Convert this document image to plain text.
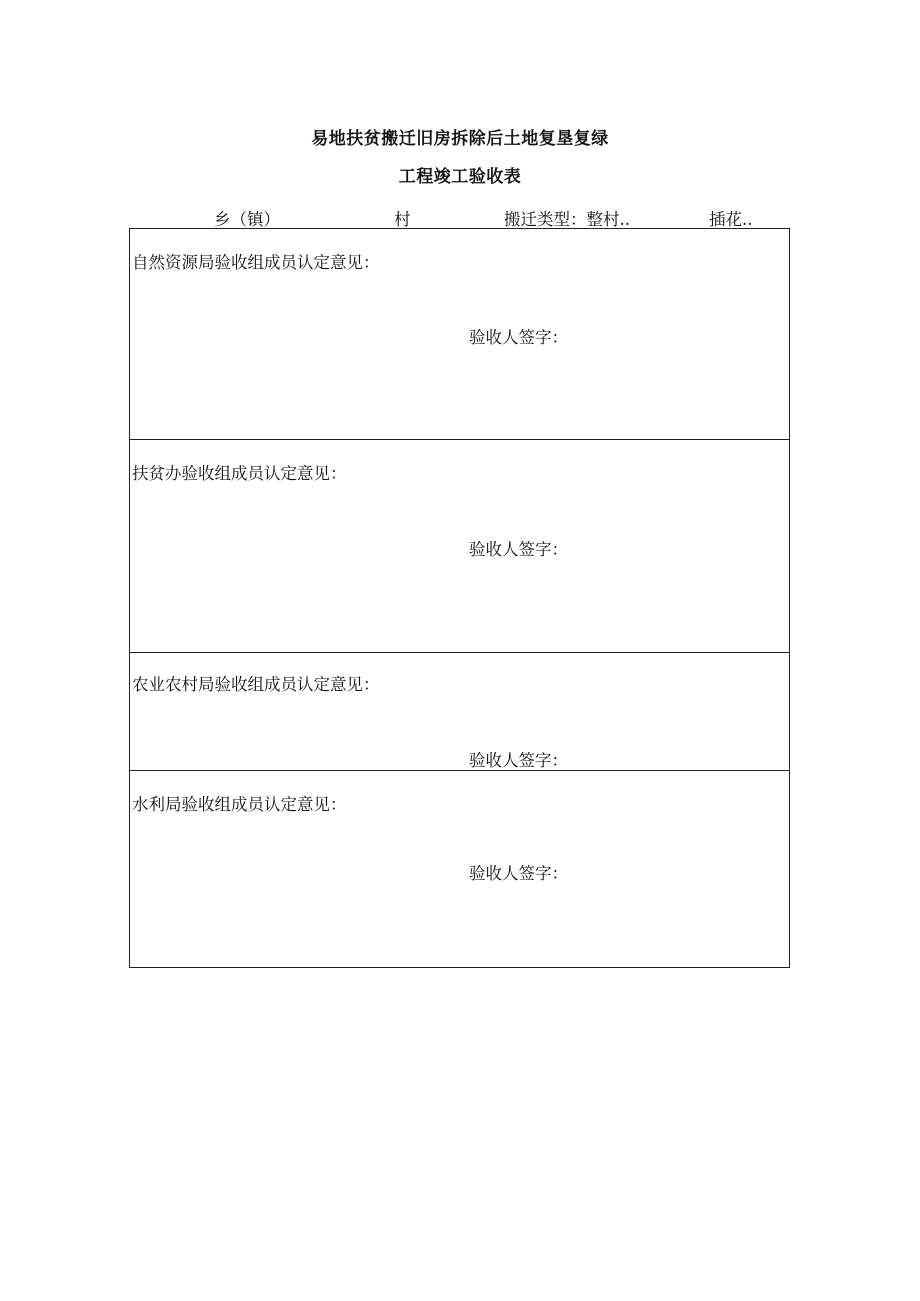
易地扶贫搬迁旧房拆除后土地复垦复绿
工程竣工验收表
乡（镇）	村	搬迁类型：整村..	插花..
自然资源局验收组成员认定意见：
验收人签字：
扶贫办验收组成员认定意见：
验收人签字：
农业农村局验收组成员认定意见：
验收人签字：
水利局验收组成员认定意见：
验收人签字：
